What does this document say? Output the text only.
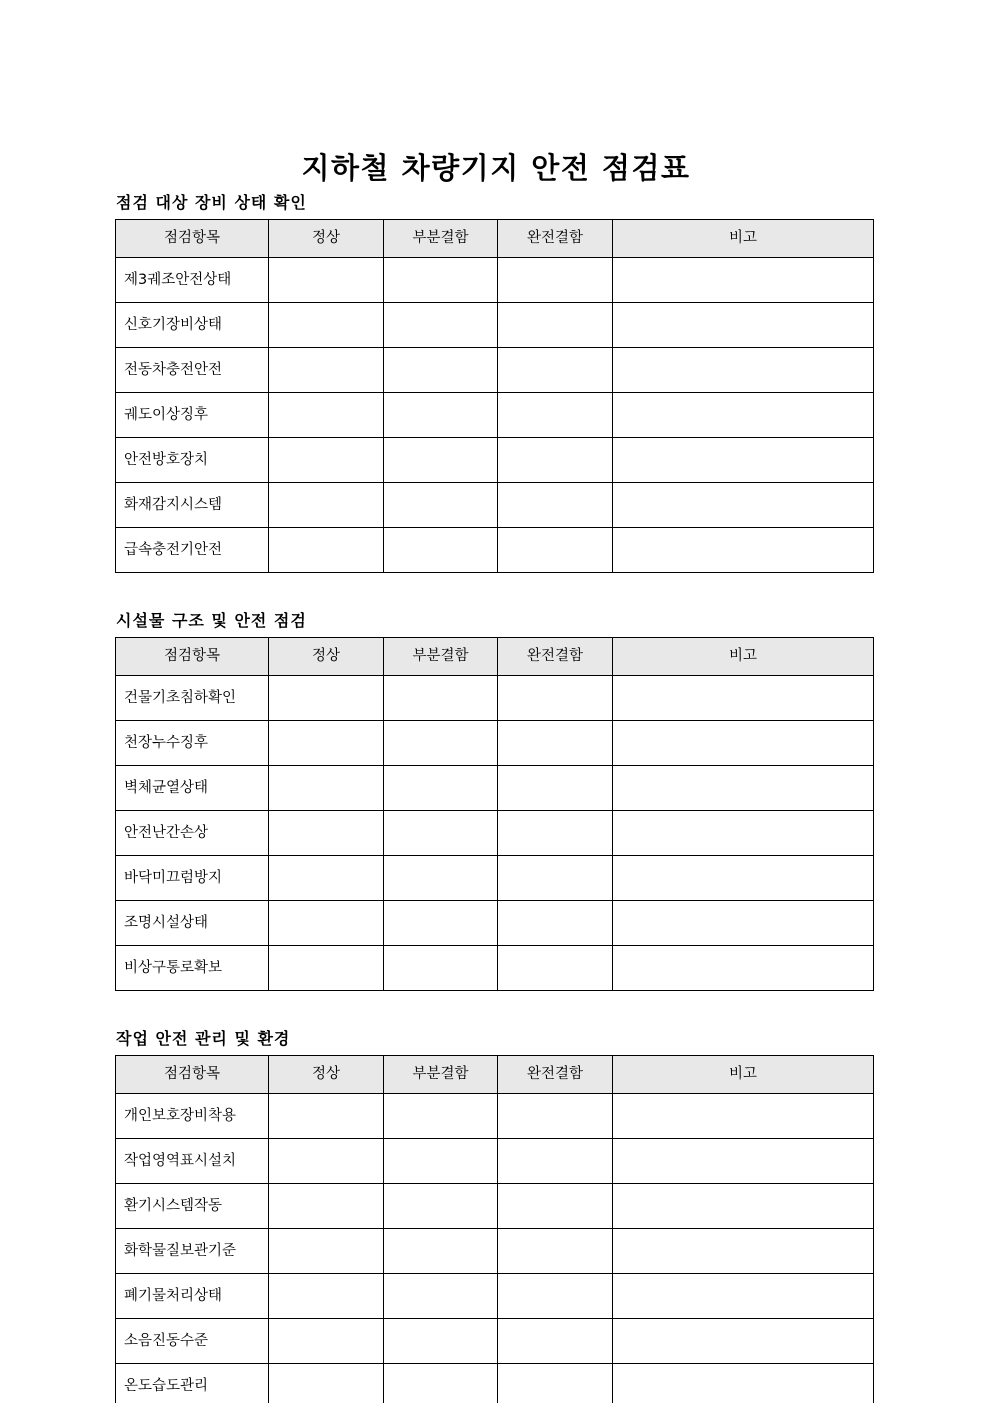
지하철 차량기지 안전 점검표
점검 대상 장비 상태 확인
점검항목	정상	부분결함	완전결함	비고
제3궤조안전상태				
신호기장비상태				
전동차충전안전				
궤도이상징후				
안전방호장치				
화재감지시스템				
급속충전기안전				
시설물 구조 및 안전 점검
점검항목	정상	부분결함	완전결함	비고
건물기초침하확인				
천장누수징후				
벽체균열상태				
안전난간손상				
바닥미끄럼방지				
조명시설상태				
비상구통로확보				
작업 안전 관리 및 환경
점검항목	정상	부분결함	완전결함	비고
개인보호장비착용				
작업영역표시설치				
환기시스템작동				
화학물질보관기준				
폐기물처리상태				
소음진동수준				
온도습도관리				
